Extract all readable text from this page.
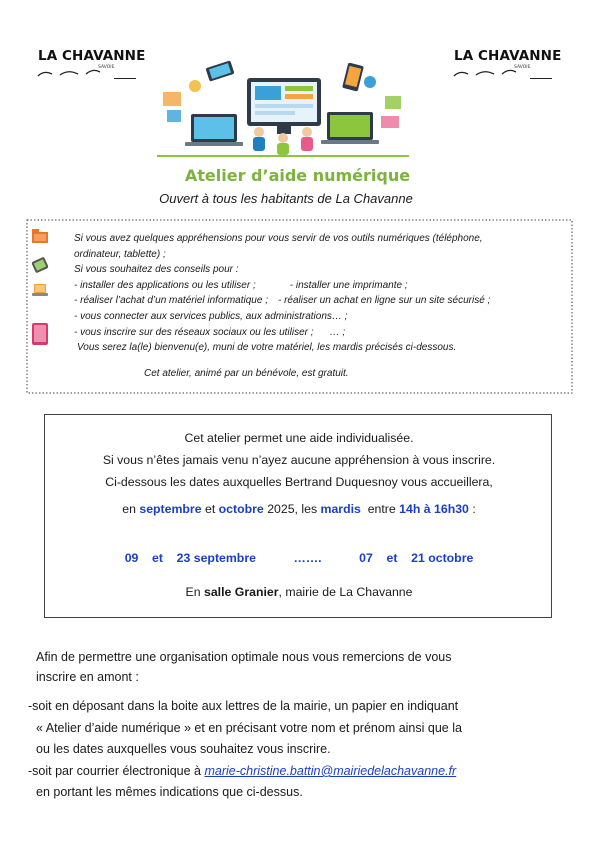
LA CHAVANNE
SAVOIE
LA CHAVANNE
SAVOIE
Atelier d’aide numérique
Ouvert à tous les habitants de La Chavanne
Si vous avez quelques appréhensions pour vous servir de vos outils numériques (téléphone,
ordinateur, tablette) ;
Si vous souhaitez des conseils pour :
- installer des applications ou les utiliser ;	- installer une imprimante ;
- réaliser l’achat d’un matériel informatique ; - réaliser un achat en ligne sur un site sécurisé ;
- vous connecter aux services publics, aux administrations… ;
- vous inscrire sur des réseaux sociaux ou les utiliser ; … ;
Vous serez la(le) bienvenu(e), muni de votre matériel, les mardis précisés ci-dessous.
Cet atelier, animé par un bénévole, est gratuit.
Cet atelier permet une aide individualisée.
Si vous n’êtes jamais venu n’ayez aucune appréhension à vous inscrire.
Ci-dessous les dates auxquelles Bertrand Duquesnoy vous accueillera,
en septembre et octobre 2025, les mardis entre 14h à 16h30 :
09 et 23 septembre	…….	07 et 21 octobre
En salle Granier, mairie de La Chavanne
Afin de permettre une organisation optimale nous vous remercions de vous
inscrire en amont :
-soit en déposant dans la boite aux lettres de la mairie, un papier en indiquant
« Atelier d’aide numérique » et en précisant votre nom et prénom ainsi que la
ou les dates auxquelles vous souhaitez vous inscrire.
-soit par courrier électronique à marie-christine.battin@mairiedelachavanne.fr
en portant les mêmes indications que ci-dessus.
